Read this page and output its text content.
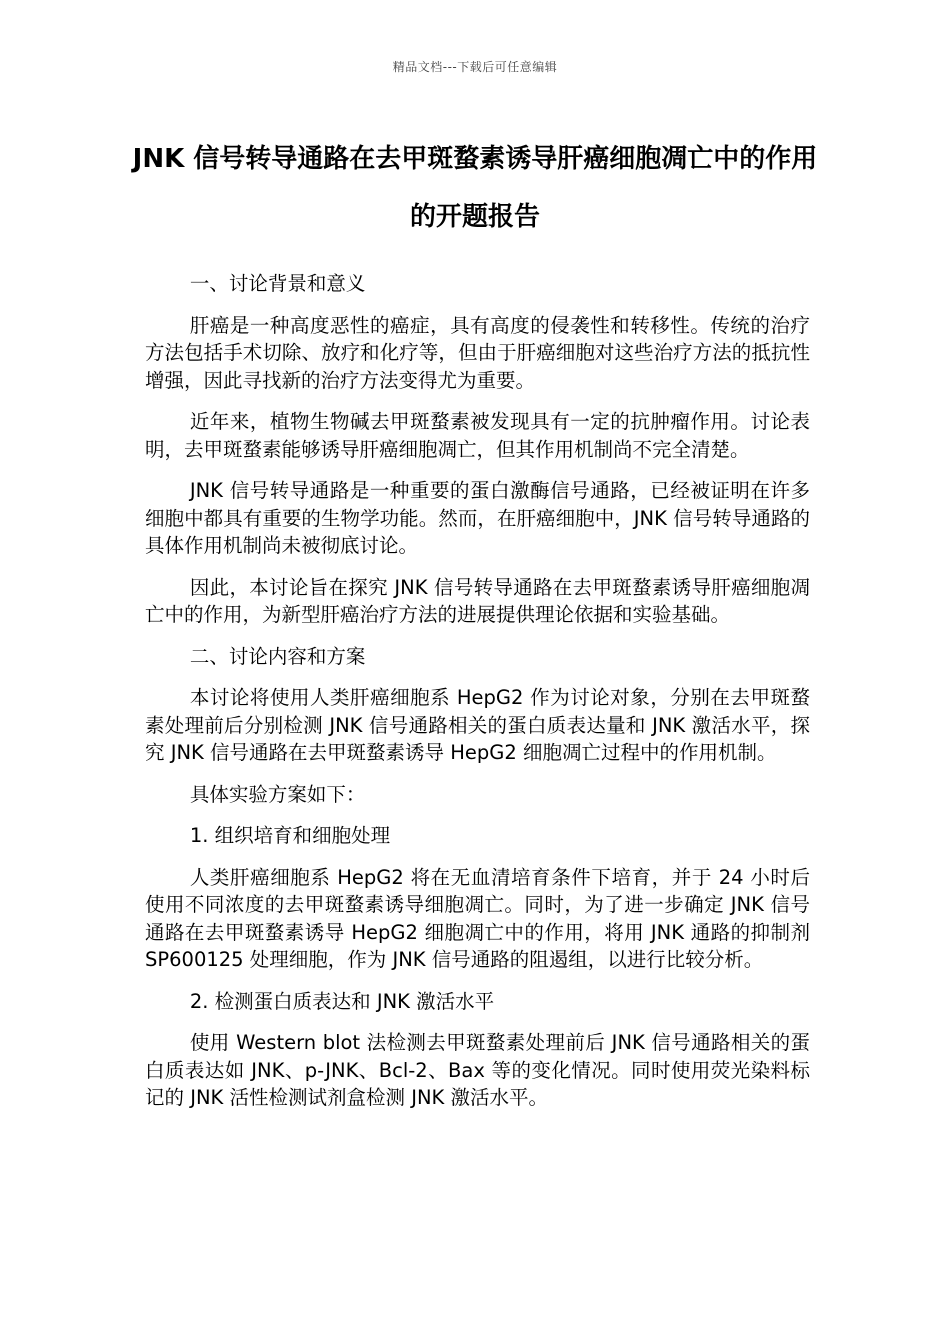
精品文档---下载后可任意编辑
JNK 信号转导通路在去甲斑蝥素诱导肝癌细胞凋亡中的作用的开题报告

一、讨论背景和意义

肝癌是一种高度恶性的癌症，具有高度的侵袭性和转移性。传统的治疗方法包括手术切除、放疗和化疗等，但由于肝癌细胞对这些治疗方法的抵抗性增强，因此寻找新的治疗方法变得尤为重要。

近年来，植物生物碱去甲斑蝥素被发现具有一定的抗肿瘤作用。讨论表明，去甲斑蝥素能够诱导肝癌细胞凋亡，但其作用机制尚不完全清楚。

JNK 信号转导通路是一种重要的蛋白激酶信号通路，已经被证明在许多细胞中都具有重要的生物学功能。然而，在肝癌细胞中，JNK 信号转导通路的具体作用机制尚未被彻底讨论。

因此，本讨论旨在探究 JNK 信号转导通路在去甲斑蝥素诱导肝癌细胞凋亡中的作用，为新型肝癌治疗方法的进展提供理论依据和实验基础。

二、讨论内容和方案

本讨论将使用人类肝癌细胞系 HepG2 作为讨论对象，分别在去甲斑蝥素处理前后分别检测 JNK 信号通路相关的蛋白质表达量和 JNK 激活水平，探究 JNK 信号通路在去甲斑蝥素诱导 HepG2 细胞凋亡过程中的作用机制。

具体实验方案如下：

1. 组织培育和细胞处理

人类肝癌细胞系 HepG2 将在无血清培育条件下培育，并于 24 小时后使用不同浓度的去甲斑蝥素诱导细胞凋亡。同时，为了进一步确定 JNK 信号通路在去甲斑蝥素诱导 HepG2 细胞凋亡中的作用，将用 JNK 通路的抑制剂 SP600125 处理细胞，作为 JNK 信号通路的阻遏组，以进行比较分析。

2. 检测蛋白质表达和 JNK 激活水平

使用 Western blot 法检测去甲斑蝥素处理前后 JNK 信号通路相关的蛋白质表达如 JNK、p-JNK、Bcl-2、Bax 等的变化情况。同时使用荧光染料标记的 JNK 活性检测试剂盒检测 JNK 激活水平。
